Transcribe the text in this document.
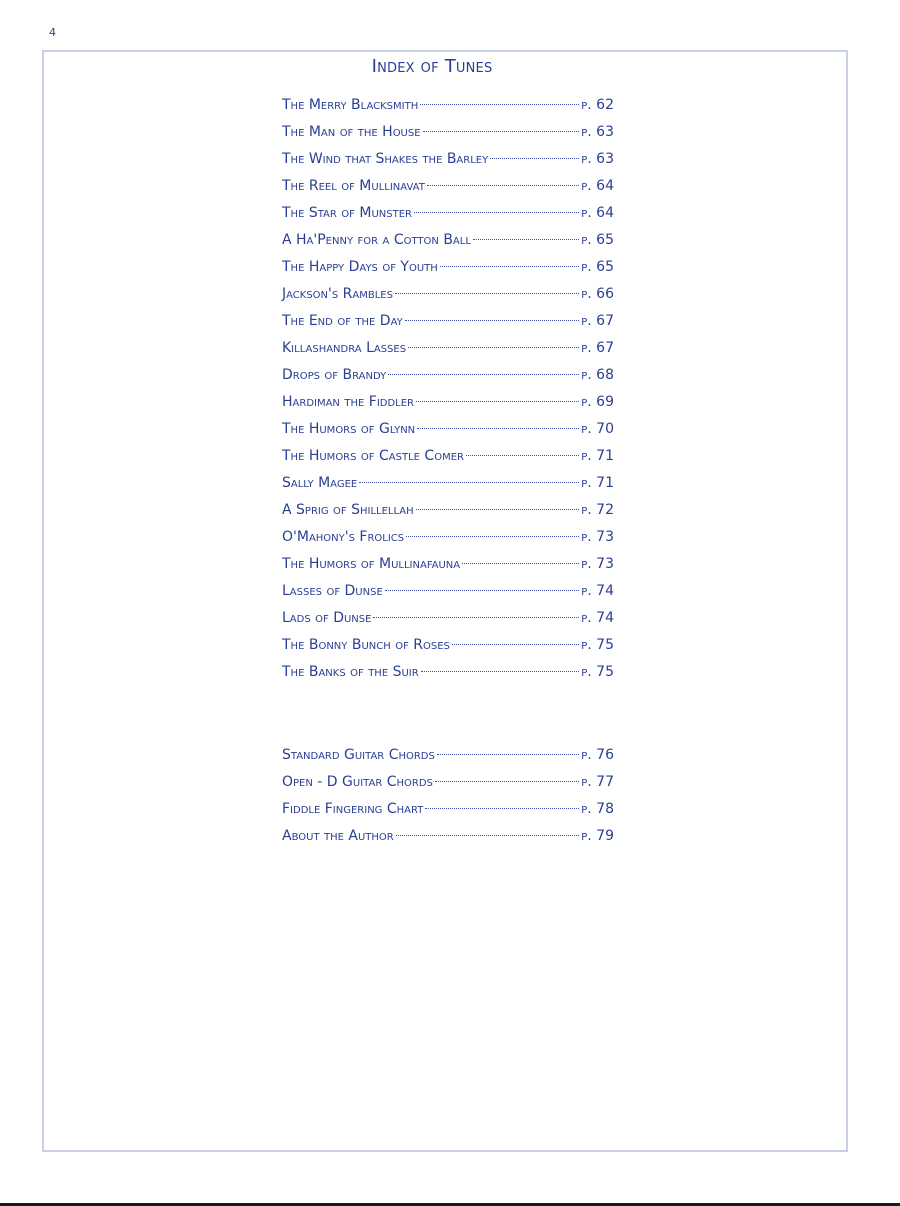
4
Index of Tunes
The Merry Blacksmith	p. 62
The Man of the House	p. 63
The Wind that Shakes the Barley	p. 63
The Reel of Mullinavat	p. 64
The Star of Munster	p. 64
A Ha'Penny for a Cotton Ball	p. 65
The Happy Days of Youth	p. 65
Jackson's Rambles	p. 66
The End of the Day	p. 67
Killashandra Lasses	p. 67
Drops of Brandy	p. 68
Hardiman the Fiddler	p. 69
The Humors of Glynn	p. 70
The Humors of Castle Comer	p. 71
Sally Magee	p. 71
A Sprig of Shillellah	p. 72
O'Mahony's Frolics	p. 73
The Humors of Mullinafauna	p. 73
Lasses of Dunse	p. 74
Lads of Dunse	p. 74
The Bonny Bunch of Roses	p. 75
The Banks of the Suir	p. 75
Standard Guitar Chords	p. 76
Open - D Guitar Chords	p. 77
Fiddle Fingering Chart	p. 78
About the Author	p. 79
